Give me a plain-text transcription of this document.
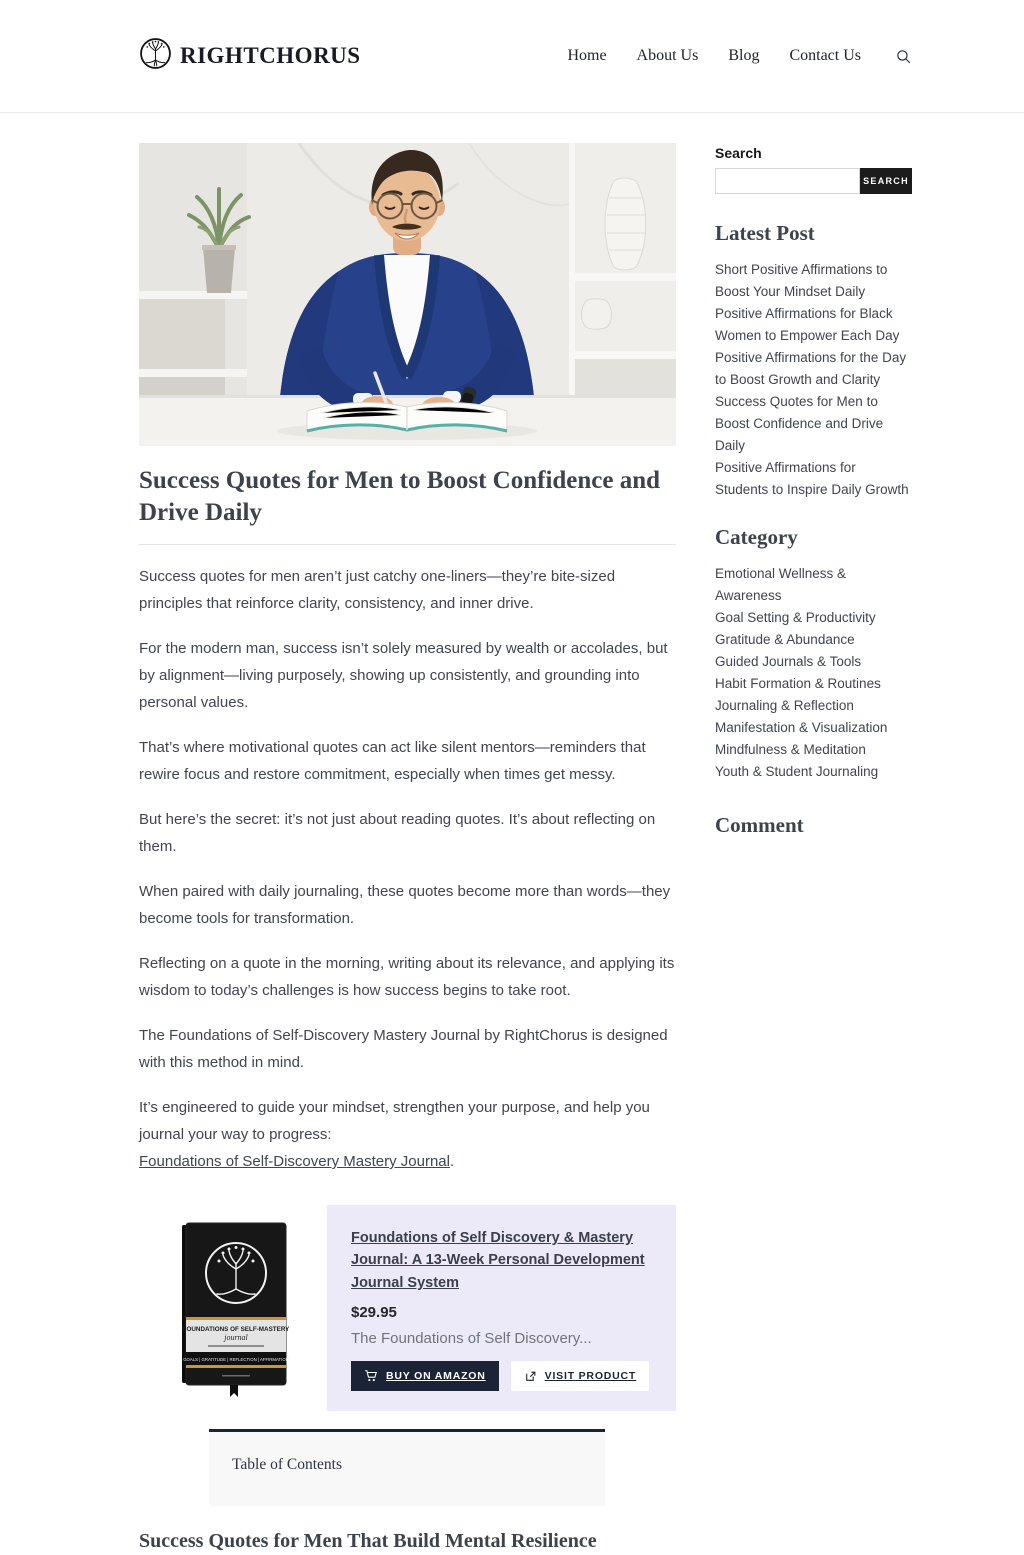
RIGHTCHORUS	Home About Us Blog Contact Us
Success Quotes for Men to Boost Confidence and Drive Daily

Success quotes for men aren’t just catchy one-liners—they’re bite-sized principles that reinforce clarity, consistency, and inner drive.

For the modern man, success isn’t solely measured by wealth or accolades, but by alignment—living purposely, showing up consistently, and grounding into personal values.

That’s where motivational quotes can act like silent mentors—reminders that rewire focus and restore commitment, especially when times get messy.

But here’s the secret: it’s not just about reading quotes. It’s about reflecting on them.

When paired with daily journaling, these quotes become more than words—they become tools for transformation.

Reflecting on a quote in the morning, writing about its relevance, and applying its wisdom to today’s challenges is how success begins to take root.

The Foundations of Self-Discovery Mastery Journal by RightChorus is designed with this method in mind.

It’s engineered to guide your mindset, strengthen your purpose, and help you journal your way to progress:
Foundations of Self-Discovery Mastery Journal.

FOUNDATIONS OF SELF-MASTERY
journal
GOALS | GRATITUDE | REFLECTION | AFFIRMATION
Foundations of Self Discovery & Mastery Journal: A 13-Week Personal Development Journal System
$29.95
The Foundations of Self Discovery...
BUY ON AMAZON	VISIT PRODUCT
Table of Contents
Success Quotes for Men That Build Mental Resilience
Search
SEARCH
Latest Post
Short Positive Affirmations to Boost Your Mindset Daily
Positive Affirmations for Black Women to Empower Each Day
Positive Affirmations for the Day to Boost Growth and Clarity
Success Quotes for Men to Boost Confidence and Drive Daily
Positive Affirmations for Students to Inspire Daily Growth
Category
Emotional Wellness & Awareness
Goal Setting & Productivity
Gratitude & Abundance
Guided Journals & Tools
Habit Formation & Routines
Journaling & Reflection
Manifestation & Visualization
Mindfulness & Meditation
Youth & Student Journaling
Comment
